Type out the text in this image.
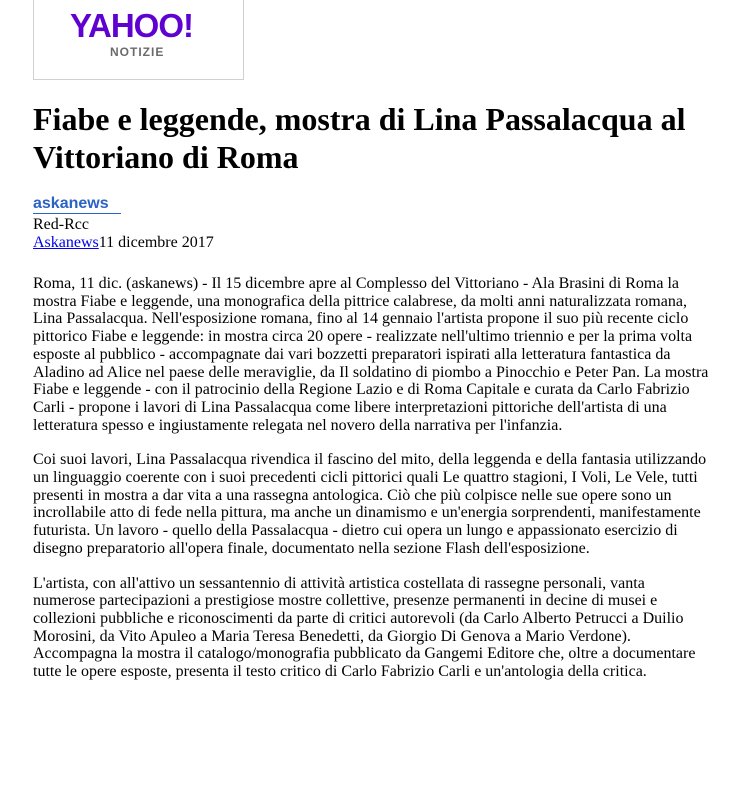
YAHOO!
NOTIZIE
Fiabe e leggende, mostra di Lina Passalacqua al Vittoriano di Roma
askanews
Red-Rcc
Askanews11 dicembre 2017

Roma, 11 dic. (askanews) - Il 15 dicembre apre al Complesso del Vittoriano - Ala Brasini di Roma la mostra Fiabe e leggende, una monografica della pittrice calabrese, da molti anni naturalizzata romana, Lina Passalacqua. Nell'esposizione romana, fino al 14 gennaio l'artista propone il suo più recente ciclo pittorico Fiabe e leggende: in mostra circa 20 opere - realizzate nell'ultimo triennio e per la prima volta esposte al pubblico - accompagnate dai vari bozzetti preparatori ispirati alla letteratura fantastica da Aladino ad Alice nel paese delle meraviglie, da Il soldatino di piombo a Pinocchio e Peter Pan. La mostra Fiabe e leggende - con il patrocinio della Regione Lazio e di Roma Capitale e curata da Carlo Fabrizio Carli - propone i lavori di Lina Passalacqua come libere interpretazioni pittoriche dell'artista di una letteratura spesso e ingiustamente relegata nel novero della narrativa per l'infanzia.

Coi suoi lavori, Lina Passalacqua rivendica il fascino del mito, della leggenda e della fantasia utilizzando un linguaggio coerente con i suoi precedenti cicli pittorici quali Le quattro stagioni, I Voli, Le Vele, tutti presenti in mostra a dar vita a una rassegna antologica. Ciò che più colpisce nelle sue opere sono un incrollabile atto di fede nella pittura, ma anche un dinamismo e un'energia sorprendenti, manifestamente futurista. Un lavoro - quello della Passalacqua - dietro cui opera un lungo e appassionato esercizio di disegno preparatorio all'opera finale, documentato nella sezione Flash dell'esposizione.

L'artista, con all'attivo un sessantennio di attività artistica costellata di rassegne personali, vanta numerose partecipazioni a prestigiose mostre collettive, presenze permanenti in decine di musei e collezioni pubbliche e riconoscimenti da parte di critici autorevoli (da Carlo Alberto Petrucci a Duilio Morosini, da Vito Apuleo a Maria Teresa Benedetti, da Giorgio Di Genova a Mario Verdone). Accompagna la mostra il catalogo/monografia pubblicato da Gangemi Editore che, oltre a documentare tutte le opere esposte, presenta il testo critico di Carlo Fabrizio Carli e un'antologia della critica.
